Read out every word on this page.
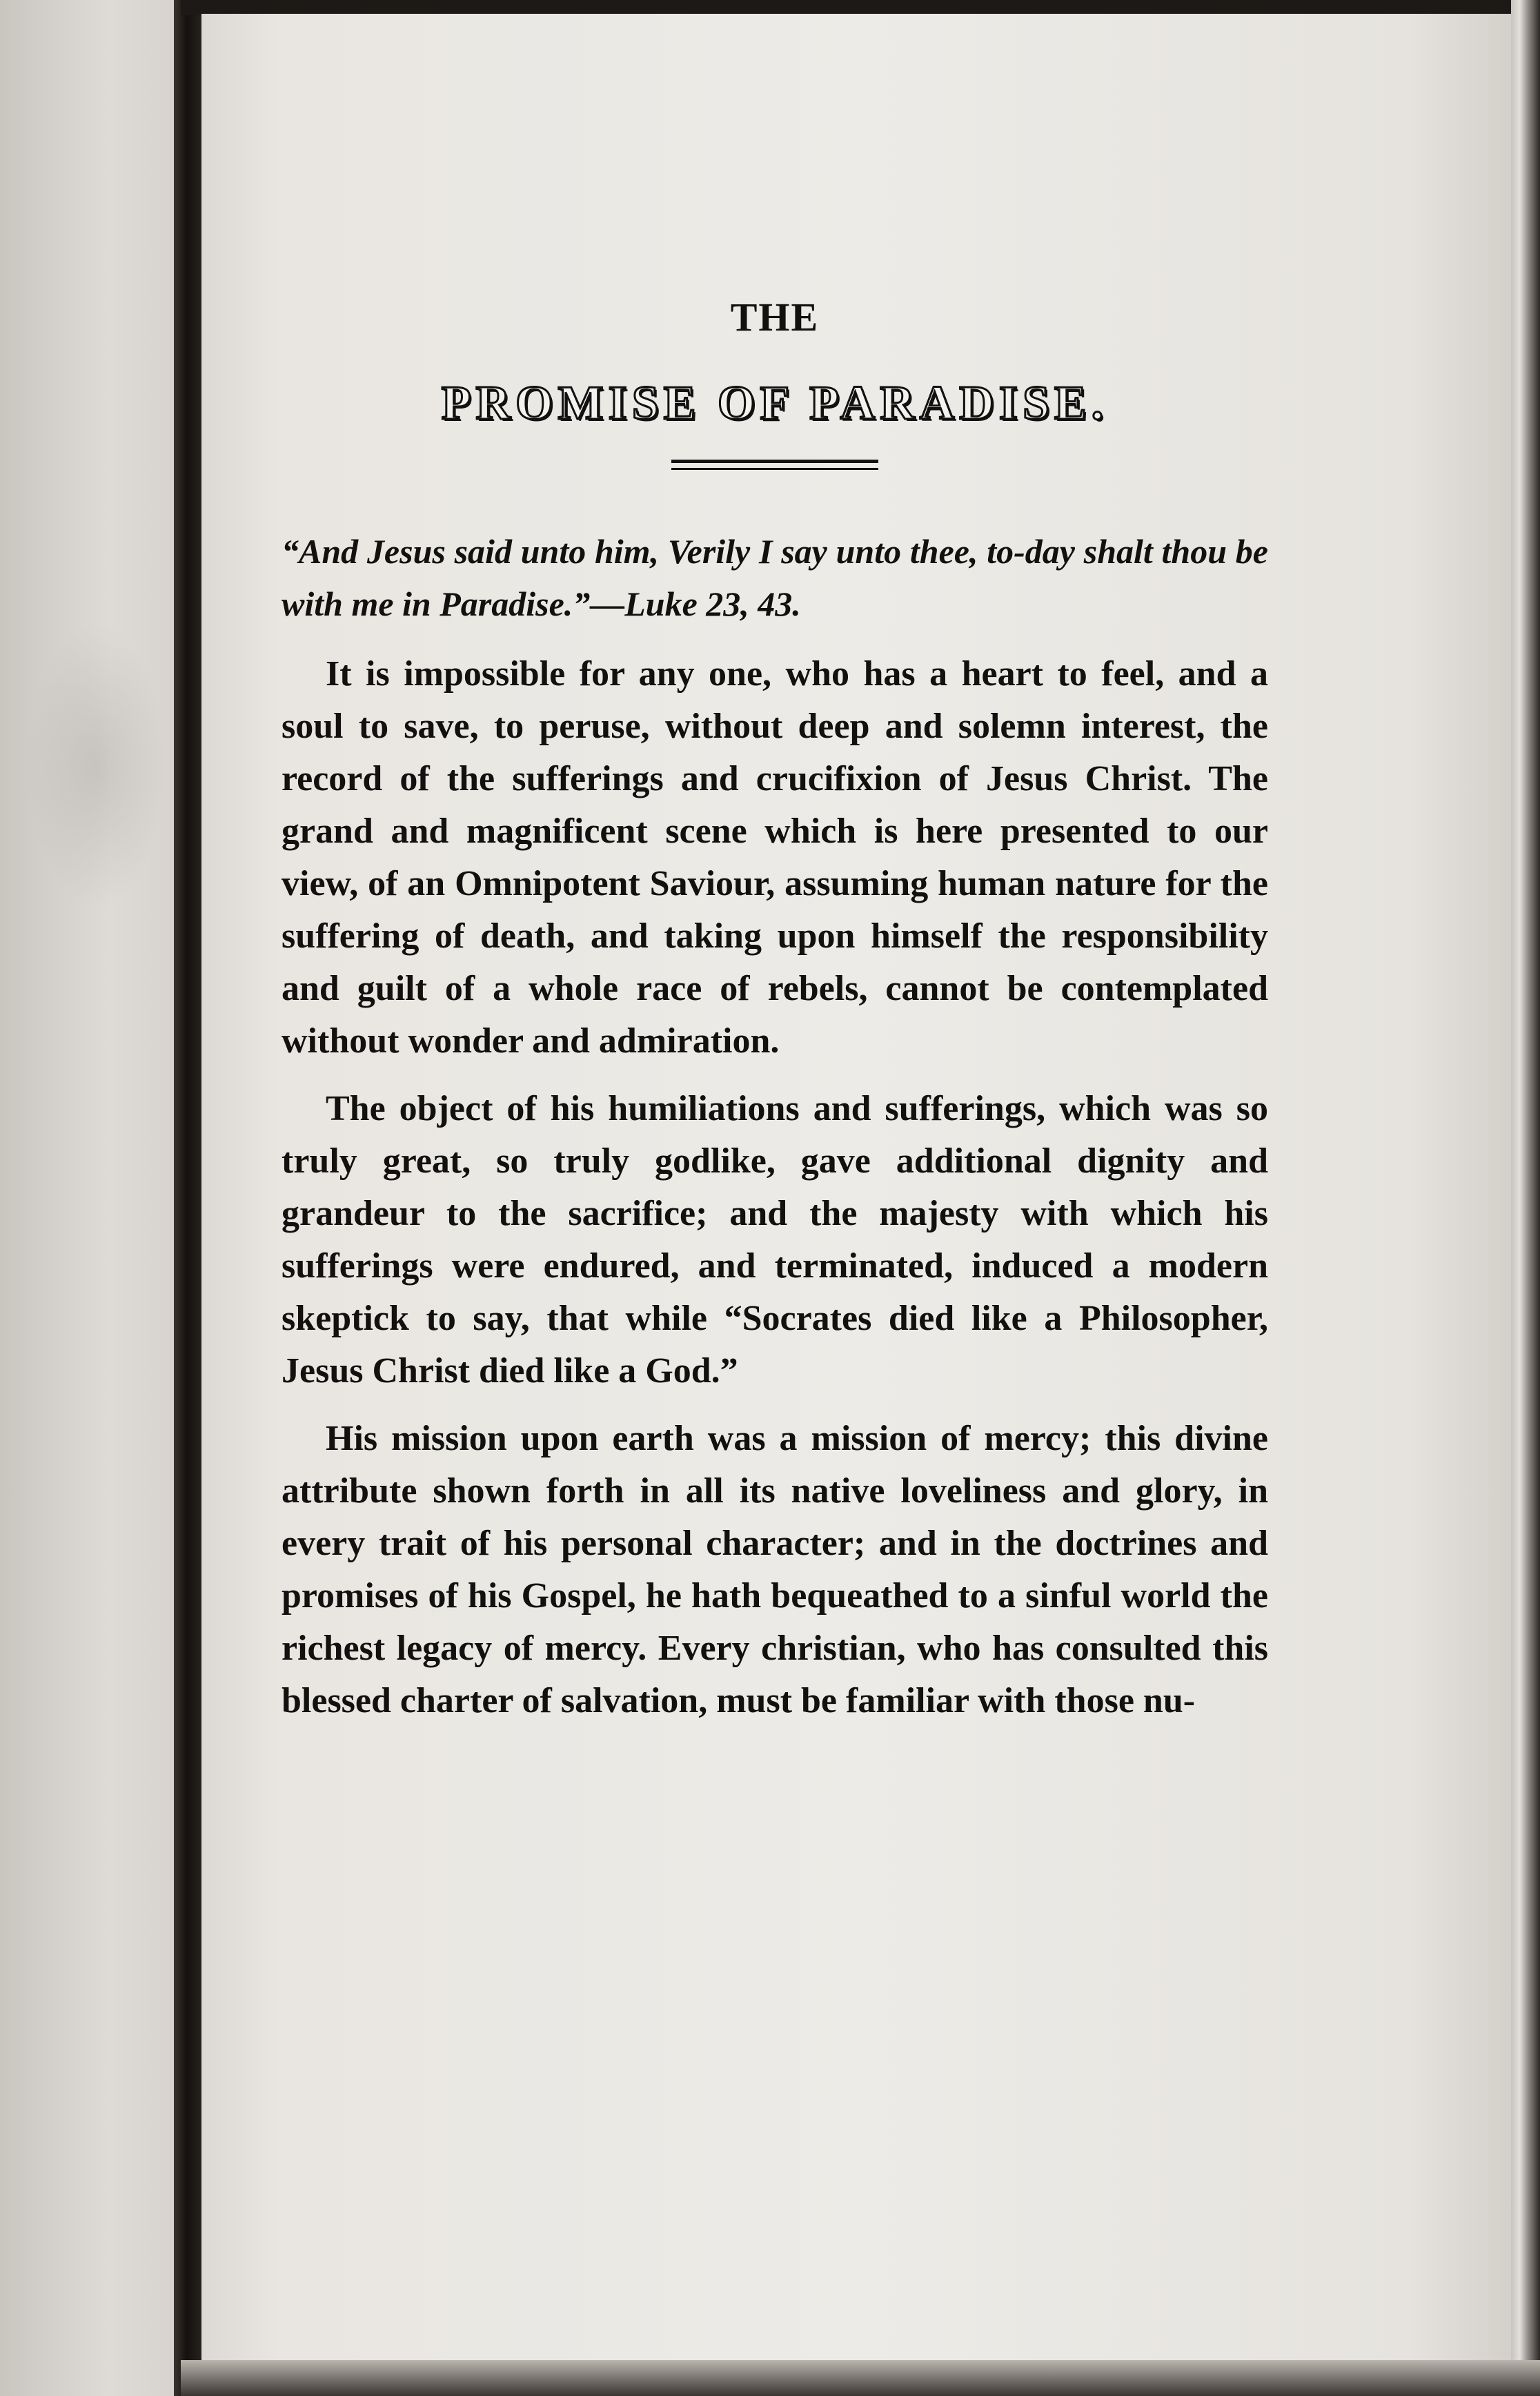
THE
PROMISE OF PARADISE.

“And Jesus said unto him, Verily I say unto thee, to-day shalt thou be with me in Paradise.”—Luke 23, 43.

It is impossible for any one, who has a heart to feel, and a soul to save, to peruse, without deep and solemn interest, the record of the sufferings and crucifixion of Jesus Christ. The grand and magnificent scene which is here presented to our view, of an Omnipotent Saviour, assuming human nature for the suffering of death, and taking upon himself the responsibility and guilt of a whole race of rebels, cannot be contemplated without wonder and admiration.

The object of his humiliations and sufferings, which was so truly great, so truly godlike, gave additional dignity and grandeur to the sacrifice; and the majesty with which his sufferings were endured, and terminated, induced a modern skeptick to say, that while “Socrates died like a Philosopher, Jesus Christ died like a God.”

His mission upon earth was a mission of mercy; this divine attribute shown forth in all its native loveliness and glory, in every trait of his personal character; and in the doctrines and promises of his Gospel, he hath bequeathed to a sinful world the richest legacy of mercy. Every christian, who has consulted this blessed charter of salvation, must be familiar with those nu-
